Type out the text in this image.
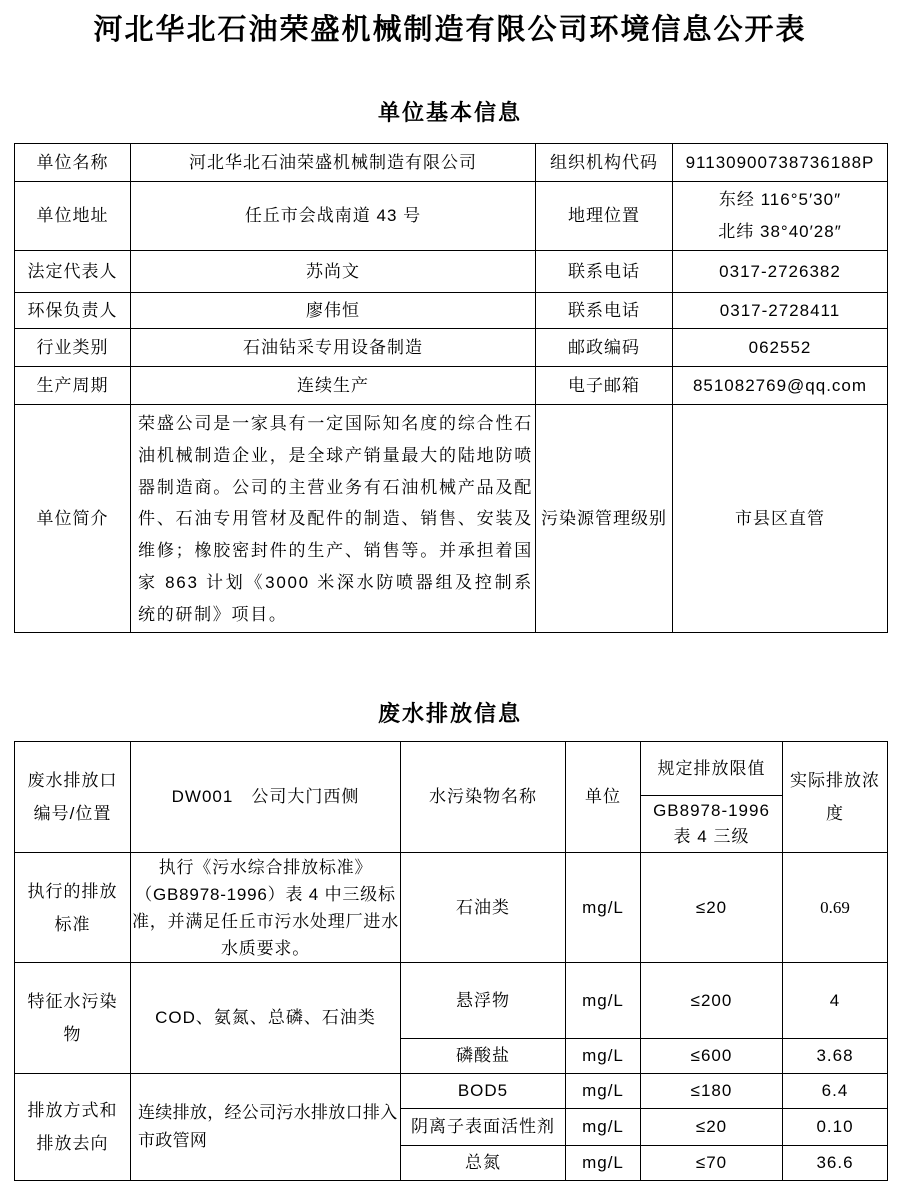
河北华北石油荣盛机械制造有限公司环境信息公开表
单位基本信息
单位名称	河北华北石油荣盛机械制造有限公司	组织机构代码	91130900738736188P
单位地址	任丘市会战南道 43 号	地理位置	东经 116°5′30″
北纬 38°40′28″

法定代表人	苏尚文	联系电话	0317-2726382
环保负责人	廖伟恒	联系电话	0317-2728411
行业类别	石油钻采专用设备制造	邮政编码	062552
生产周期	连续生产	电子邮箱	851082769@qq.com
单位简介	荣盛公司是一家具有一定国际知名度的综合性石油机械制造企业，是全球产销量最大的陆地防喷器制造商。公司的主营业务有石油机械产品及配件、石油专用管材及配件的制造、销售、安装及维修；橡胶密封件的生产、销售等。并承担着国家 863 计划《3000 米深水防喷器组及控制系统的研制》项目。	污染源管理级别	市县区直管
废水排放信息
废水排放口编号/位置	DW001　公司大门西侧	水污染物名称	单位	规定排放限值	实际排放浓度

				GB8978-1996
表 4 三级	

执行的排放标准	执行《污水综合排放标准》（GB8978-1996）表 4 中三级标准，并满足任丘市污水处理厂进水水质要求。	石油类	mg/L	≤20	0.69
特征水污染物	COD、氨氮、总磷、石油类	悬浮物	mg/L	≤200	4
		磷酸盐	mg/L	≤600	3.68
排放方式和排放去向	连续排放，经公司污水排放口排入市政管网	BOD5	mg/L	≤180	6.4
		阴离子表面活性剂	mg/L	≤20	0.10
		总氮	mg/L	≤70	36.6
